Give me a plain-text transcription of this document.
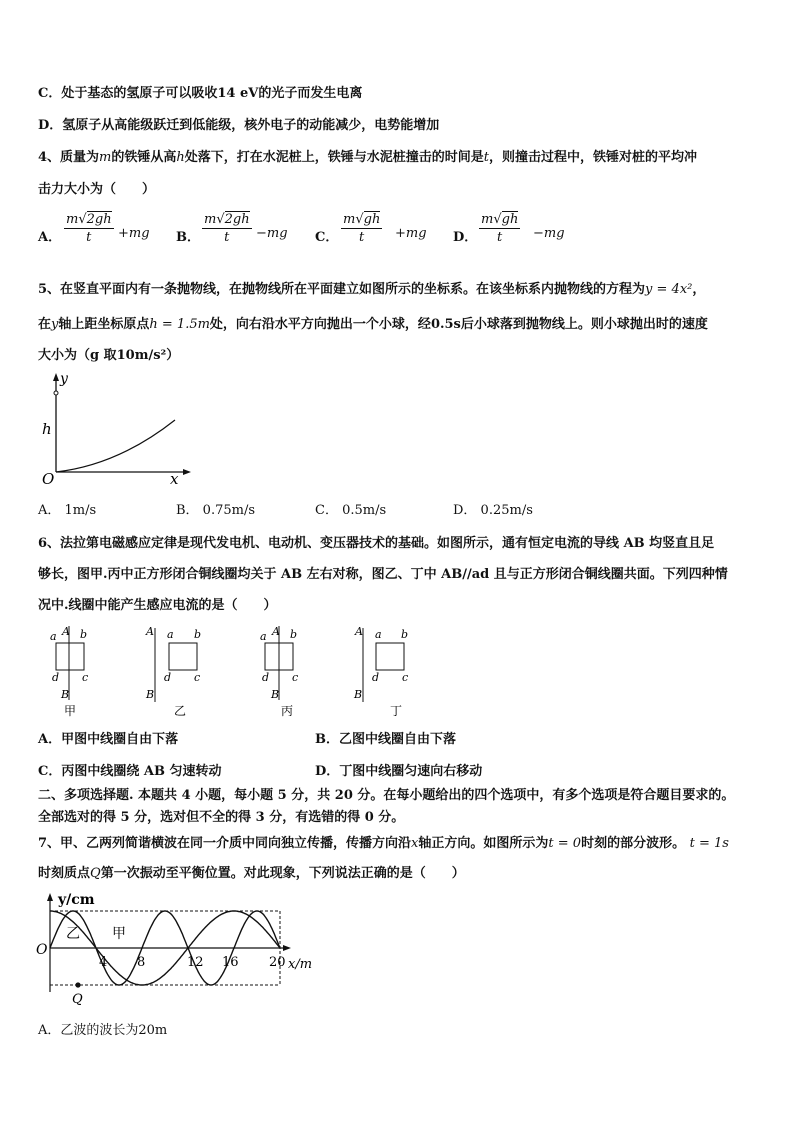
C．处于基态的氢原子可以吸收14 eV的光子而发生电离
D．氢原子从高能级跃迁到低能级，核外电子的动能减少，电势能增加
4、质量为m的铁锤从高h处落下，打在水泥桩上，铁锤与水泥桩撞击的时间是t，则撞击过程中，铁锤对桩的平均冲
击力大小为（　　）
A． $\frac{m√2gh}{t} +mg$ B． $\frac{m√2gh}{t} -mg$ C． $\frac{m√gh}{t} +mg$ D． $\frac{m√gh}{t} -mg$
5、在竖直平面内有一条抛物线，在抛物线所在平面建立如图所示的坐标系。在该坐标系内抛物线的方程为y = 4x²，
在y轴上距坐标原点h = 1.5m处，向右沿水平方向抛出一个小球，经0.5s后小球落到抛物线上。则小球抛出时的速度
大小为（g 取10m/s²）
y
h
O	x
A． 1m/s	B． 0.75m/s	C． 0.5m/s	D． 0.25m/s
6、法拉第电磁感应定律是现代发电机、电动机、变压器技术的基础。如图所示，通有恒定电流的导线 AB 均竖直且足
够长，图甲.丙中正方形闭合铜线圈均关于 AB 左右对称，图乙、丁中 AB//ad 且与正方形闭合铜线圈共面。下列四种情
况中.线圈中能产生感应电流的是（　　）
A
a b
d c
B
甲
A a b
d c
B
乙
A
a b
d c
B
丙
A a b
d c
B
丁
A．甲图中线圈自由下落	B．乙图中线圈自由下落
C．丙图中线圈绕 AB 匀速转动	D．丁图中线圈匀速向右移动
二、多项选择题. 本题共 4 小题，每小题 5 分，共 20 分。在每小题给出的四个选项中，有多个选项是符合题目要求的。
全部选对的得 5 分，选对但不全的得 3 分，有选错的得 0 分。
7、甲、乙两列简谐横波在同一介质中同向独立传播，传播方向沿x轴正方向。如图所示为t = 0时刻的部分波形。 t = 1s
时刻质点Q第一次振动至平衡位置。对此现象，下列说法正确的是（　　）
y/cm
O
x/m
乙 甲
Q
4 8	12 16 20
A．乙波的波长为20m
